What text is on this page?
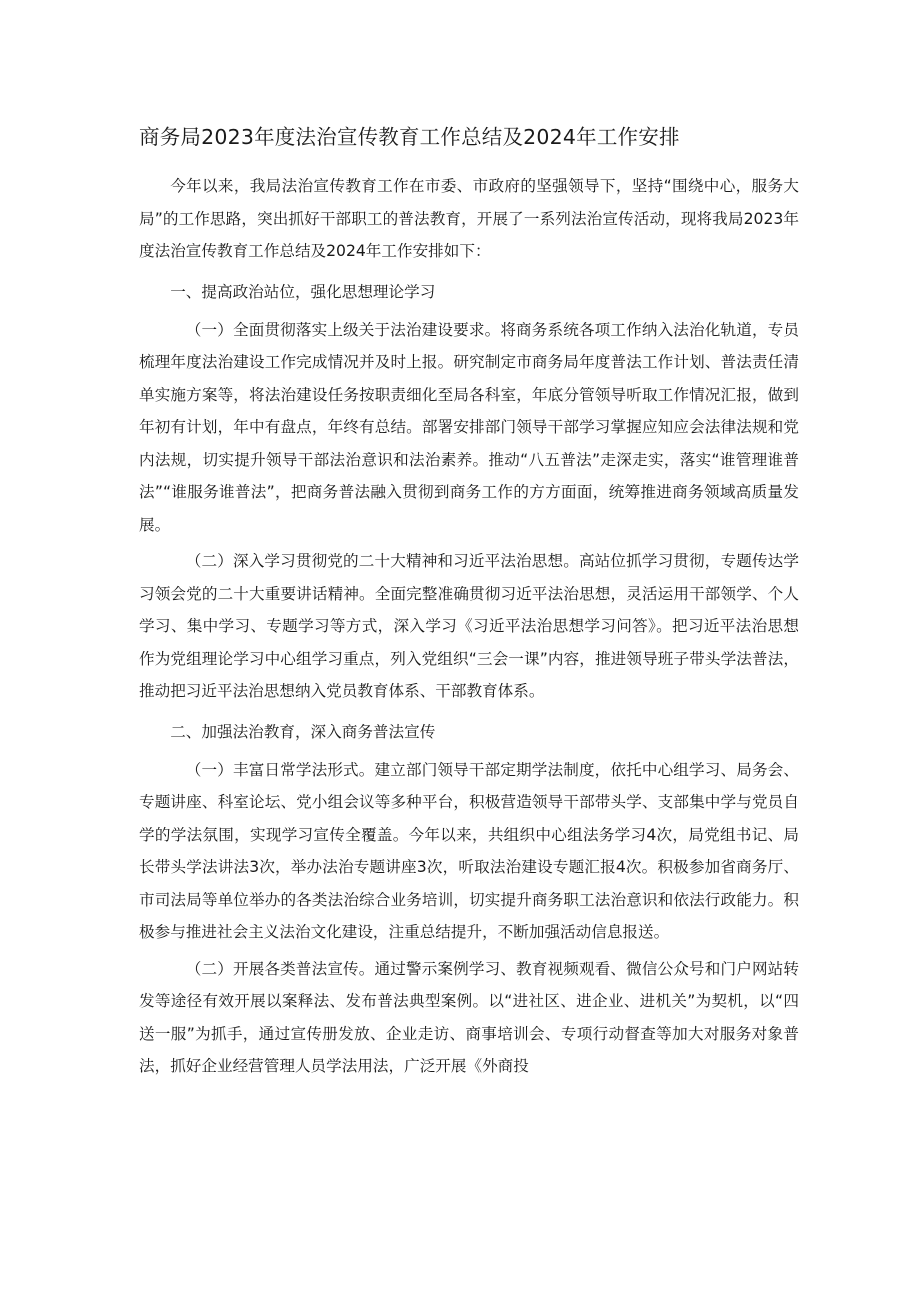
商务局2023年度法治宣传教育工作总结及2024年工作安排

今年以来，我局法治宣传教育工作在市委、市政府的坚强领导下，坚持“围绕中心，服务大局”的工作思路，突出抓好干部职工的普法教育，开展了一系列法治宣传活动，现将我局2023年度法治宣传教育工作总结及2024年工作安排如下：

一、提高政治站位，强化思想理论学习

（一）全面贯彻落实上级关于法治建设要求。将商务系统各项工作纳入法治化轨道，专员梳理年度法治建设工作完成情况并及时上报。研究制定市商务局年度普法工作计划、普法责任清单实施方案等，将法治建设任务按职责细化至局各科室，年底分管领导听取工作情况汇报，做到年初有计划，年中有盘点，年终有总结。部署安排部门领导干部学习掌握应知应会法律法规和党内法规，切实提升领导干部法治意识和法治素养。推动“八五普法”走深走实，落实“谁管理谁普法”“谁服务谁普法”，把商务普法融入贯彻到商务工作的方方面面，统筹推进商务领域高质量发展。

（二）深入学习贯彻党的二十大精神和习近平法治思想。高站位抓学习贯彻，专题传达学习领会党的二十大重要讲话精神。全面完整准确贯彻习近平法治思想，灵活运用干部领学、个人学习、集中学习、专题学习等方式，深入学习《习近平法治思想学习问答》。把习近平法治思想作为党组理论学习中心组学习重点，列入党组织“三会一课”内容，推进领导班子带头学法普法，推动把习近平法治思想纳入党员教育体系、干部教育体系。

二、加强法治教育，深入商务普法宣传

（一）丰富日常学法形式。建立部门领导干部定期学法制度，依托中心组学习、局务会、专题讲座、科室论坛、党小组会议等多种平台，积极营造领导干部带头学、支部集中学与党员自学的学法氛围，实现学习宣传全覆盖。今年以来，共组织中心组法务学习4次，局党组书记、局长带头学法讲法3次，举办法治专题讲座3次，听取法治建设专题汇报4次。积极参加省商务厅、市司法局等单位举办的各类法治综合业务培训，切实提升商务职工法治意识和依法行政能力。积极参与推进社会主义法治文化建设，注重总结提升，不断加强活动信息报送。

（二）开展各类普法宣传。通过警示案例学习、教育视频观看、微信公众号和门户网站转发等途径有效开展以案释法、发布普法典型案例。以“进社区、进企业、进机关”为契机，以“四送一服”为抓手，通过宣传册发放、企业走访、商事培训会、专项行动督查等加大对服务对象普法，抓好企业经营管理人员学法用法，广泛开展《外商投
